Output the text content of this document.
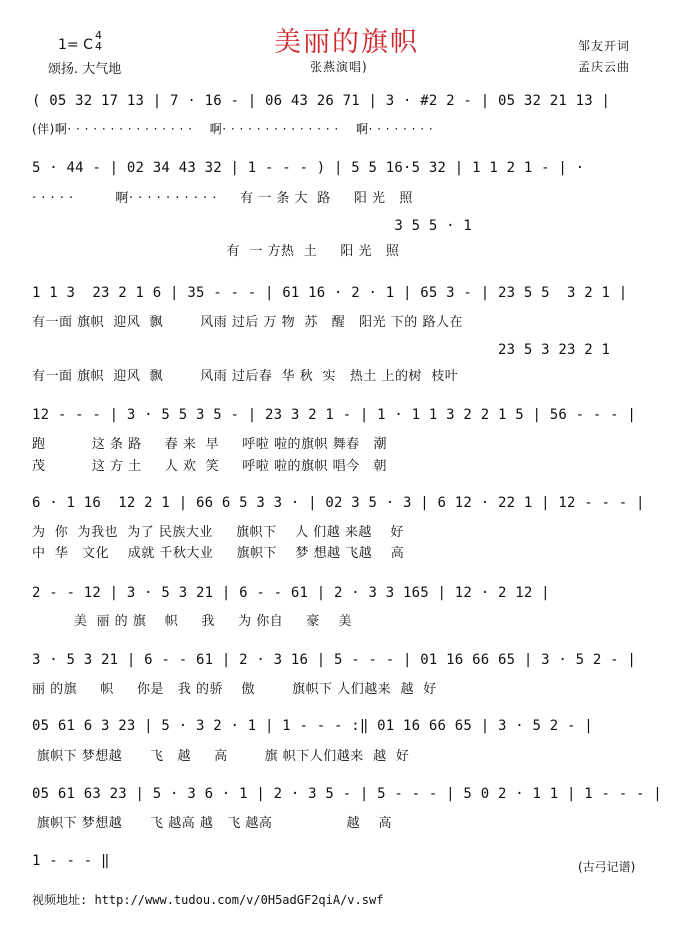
美丽的旗帜
1= C
4
4
颂扬. 大气地	张燕演唱)
邹友开词
孟庆云曲
( 05 32 17 13 | 7 · 16 - | 06 43 26 71 | 3 · #2 2 - | 05 32 21 13 |
(伴)啊· · · · · · · · · · · · · · ·    啊· · · · · · · · · · · · · ·    啊· · · · · · · ·
5 · 44 - | 02 34 43 32 | 1 - - - ) | 5 5 16·5 32 | 1 1 2 1 - | ·
· · · · ·         啊· · · · · · · · · ·     有 一 条 大  路     阳 光   照
3 5 5 · 1
有  一 方热  土     阳 光   照
1 1 3  23 2 1 6 | 35 - - - | 61 16 · 2 · 1 | 65 3 - | 23 5 5  3 2 1 |
有一面 旗帜  迎风  飘        风雨 过后 万 物  苏   醒   阳光 下的 路人在
23 5 3 23 2 1
有一面 旗帜  迎风  飘        风雨 过后春  华 秋  实   热土 上的树  枝叶
12 - - - | 3 · 5 5 3 5 - | 23 3 2 1 - | 1 · 1 1 3 2 2 1 5 | 56 - - - |
跑          这 条 路     春 来  早     呼啦 啦的旗帜 舞春   潮
茂          这 方 土     人 欢  笑     呼啦 啦的旗帜 唱今   朝
6 · 1 16  12 2 1 | 66 6 5 3 3 · | 02 3 5 · 3 | 6 12 · 22 1 | 12 - - - |
为  你  为我也  为了 民族大业     旗帜下    人 们越 来越    好
中  华   文化    成就 千秋大业     旗帜下    梦 想越 飞越    高
2 - - 12 | 3 · 5 3 21 | 6 - - 61 | 2 · 3 3 165 | 12 · 2 12 |
美  丽 的 旗    帜     我     为 你自     豪    美
3 · 5 3 21 | 6 - - 61 | 2 · 3 16 | 5 - - - | 01 16 66 65 | 3 · 5 2 - |
丽 的旗     帜     你是   我 的骄    傲        旗帜下 人们越来  越  好
05 61 6 3 23 | 5 · 3 2 · 1 | 1 - - - :‖ 01 16 66 65 | 3 · 5 2 - |
旗帜下 梦想越      飞   越     高        旗 帜下人们越来  越  好
05 61 63 23 | 5 · 3 6 · 1 | 2 · 3 5 - | 5 - - - | 5 0 2 · 1 1 | 1 - - - |
旗帜下 梦想越      飞 越高 越   飞 越高                越    高
1 - - - ‖	(古弓记谱)
视频地址: http://www.tudou.com/v/0H5adGF2qiA/v.swf
